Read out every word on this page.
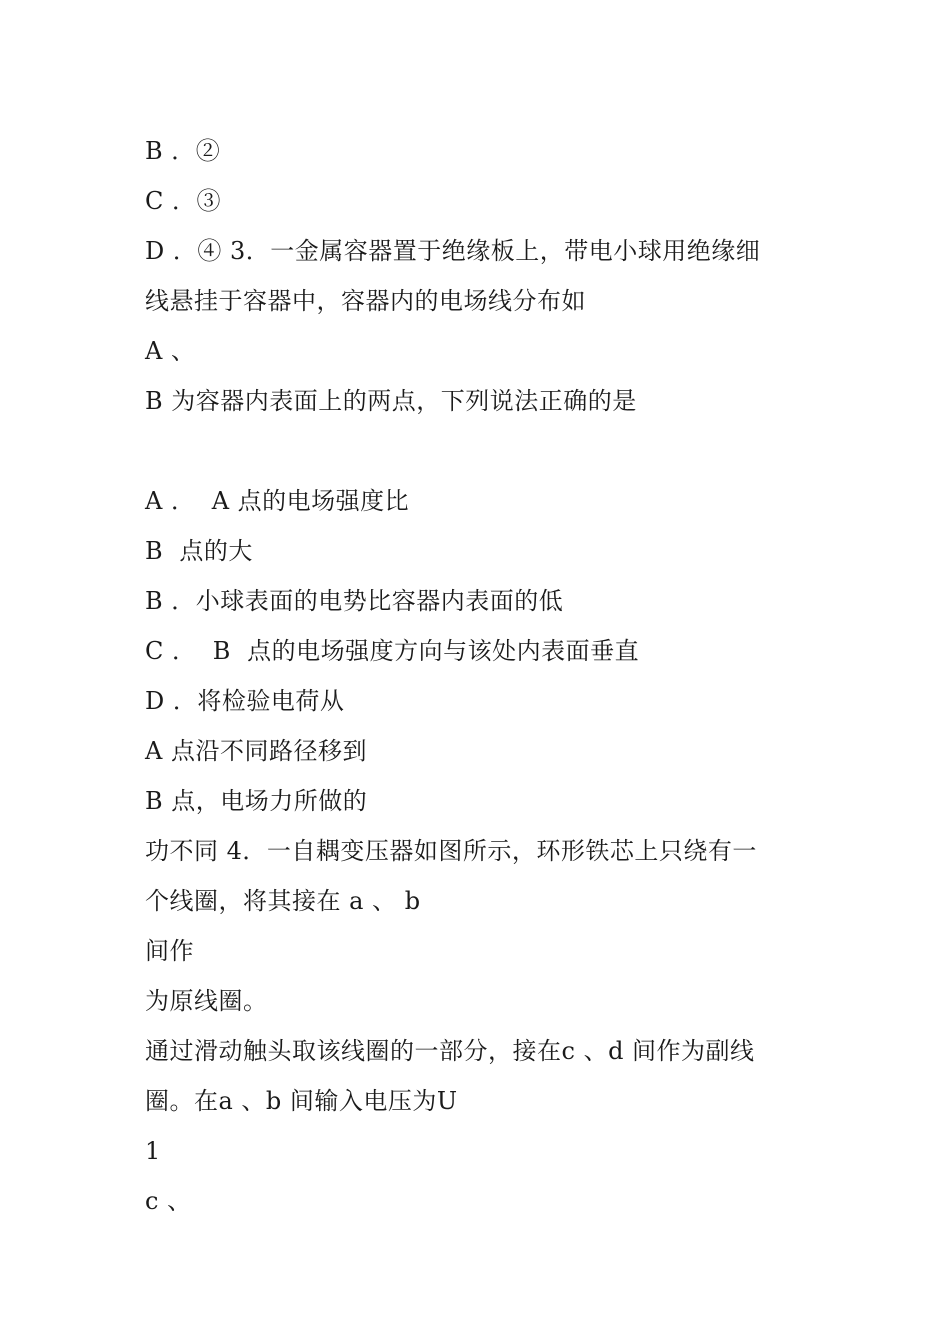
B ．②
C ．③
D ．④ 3．一金属容器置于绝缘板上，带电小球用绝缘细
线悬挂于容器中，容器内的电场线分布如
A 、
B 为容器内表面上的两点，下列说法正确的是
A ．  A 点的电场强度比
B  点的大
B ．小球表面的电势比容器内表面的低
C ．  B  点的电场强度方向与该处内表面垂直
D ．将检验电荷从
A 点沿不同路径移到
B 点，电场力所做的
功不同 4．一自耦变压器如图所示，环形铁芯上只绕有一
个线圈，将其接在 a 、 b
间作
为原线圈。
通过滑动触头取该线圈的一部分，接在c 、d 间作为副线
圈。在a 、b 间输入电压为U
1
c 、
